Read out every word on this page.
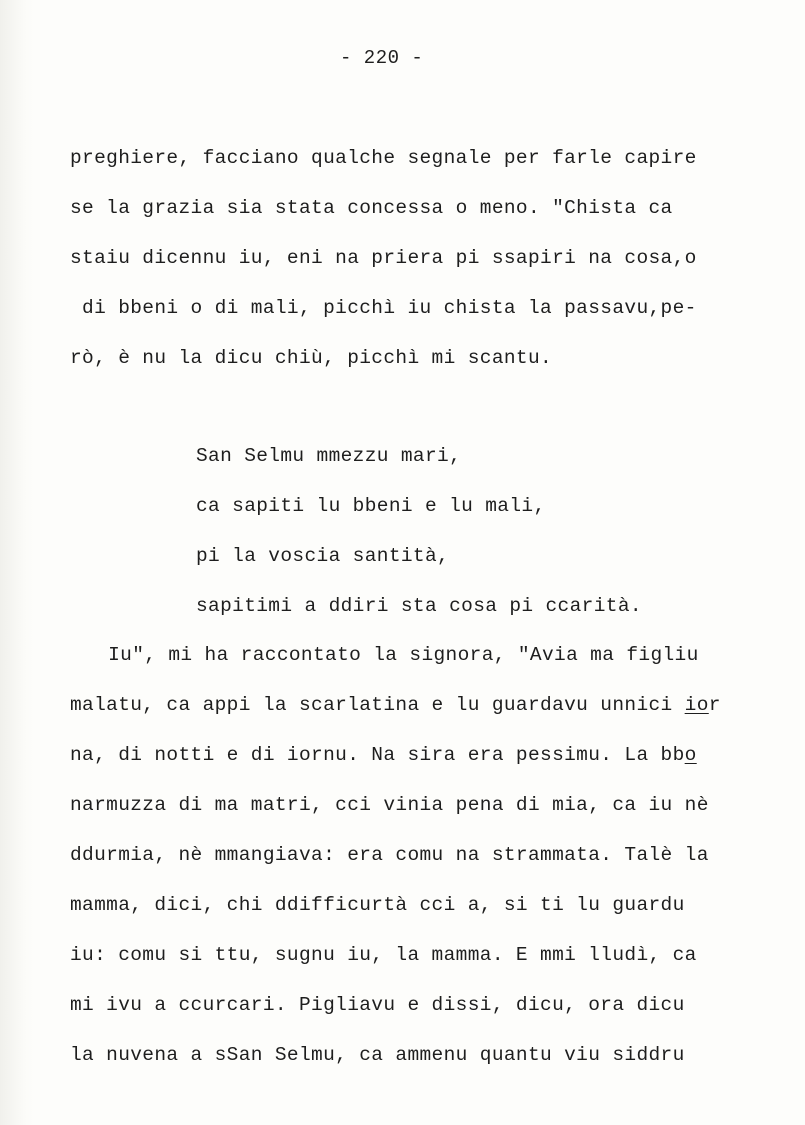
- 220 -
preghiere, facciano qualche segnale per farle capire
se la grazia sia stata concessa o meno. "Chista ca
staiu dicennu iu, eni na priera pi ssapiri na cosa,o
di bbeni o di mali, picchì iu chista la passavu,pe-
rò, è nu la dicu chiù, picchì mi scantu.
San Selmu mmezzu mari,
ca sapiti lu bbeni e lu mali,
pi la voscia santità,
sapitimi a ddiri sta cosa pi ccarità.
Iu", mi ha raccontato la signora, "Avia ma figliu
malatu, ca appi la scarlatina e lu guardavu unnici ior
na, di notti e di iornu. Na sira era pessimu. La bbo
narmuzza di ma matri, cci vinia pena di mia, ca iu nè
ddurmia, nè mmangiava: era comu na strammata. Talè la
mamma, dici, chi ddifficurtà cci a, si ti lu guardu
iu: comu si ttu, sugnu iu, la mamma. E mmi lludì, ca
mi ivu a ccurcari. Pigliavu e dissi, dicu, ora dicu
la nuvena a sSan Selmu, ca ammenu quantu viu siddru
